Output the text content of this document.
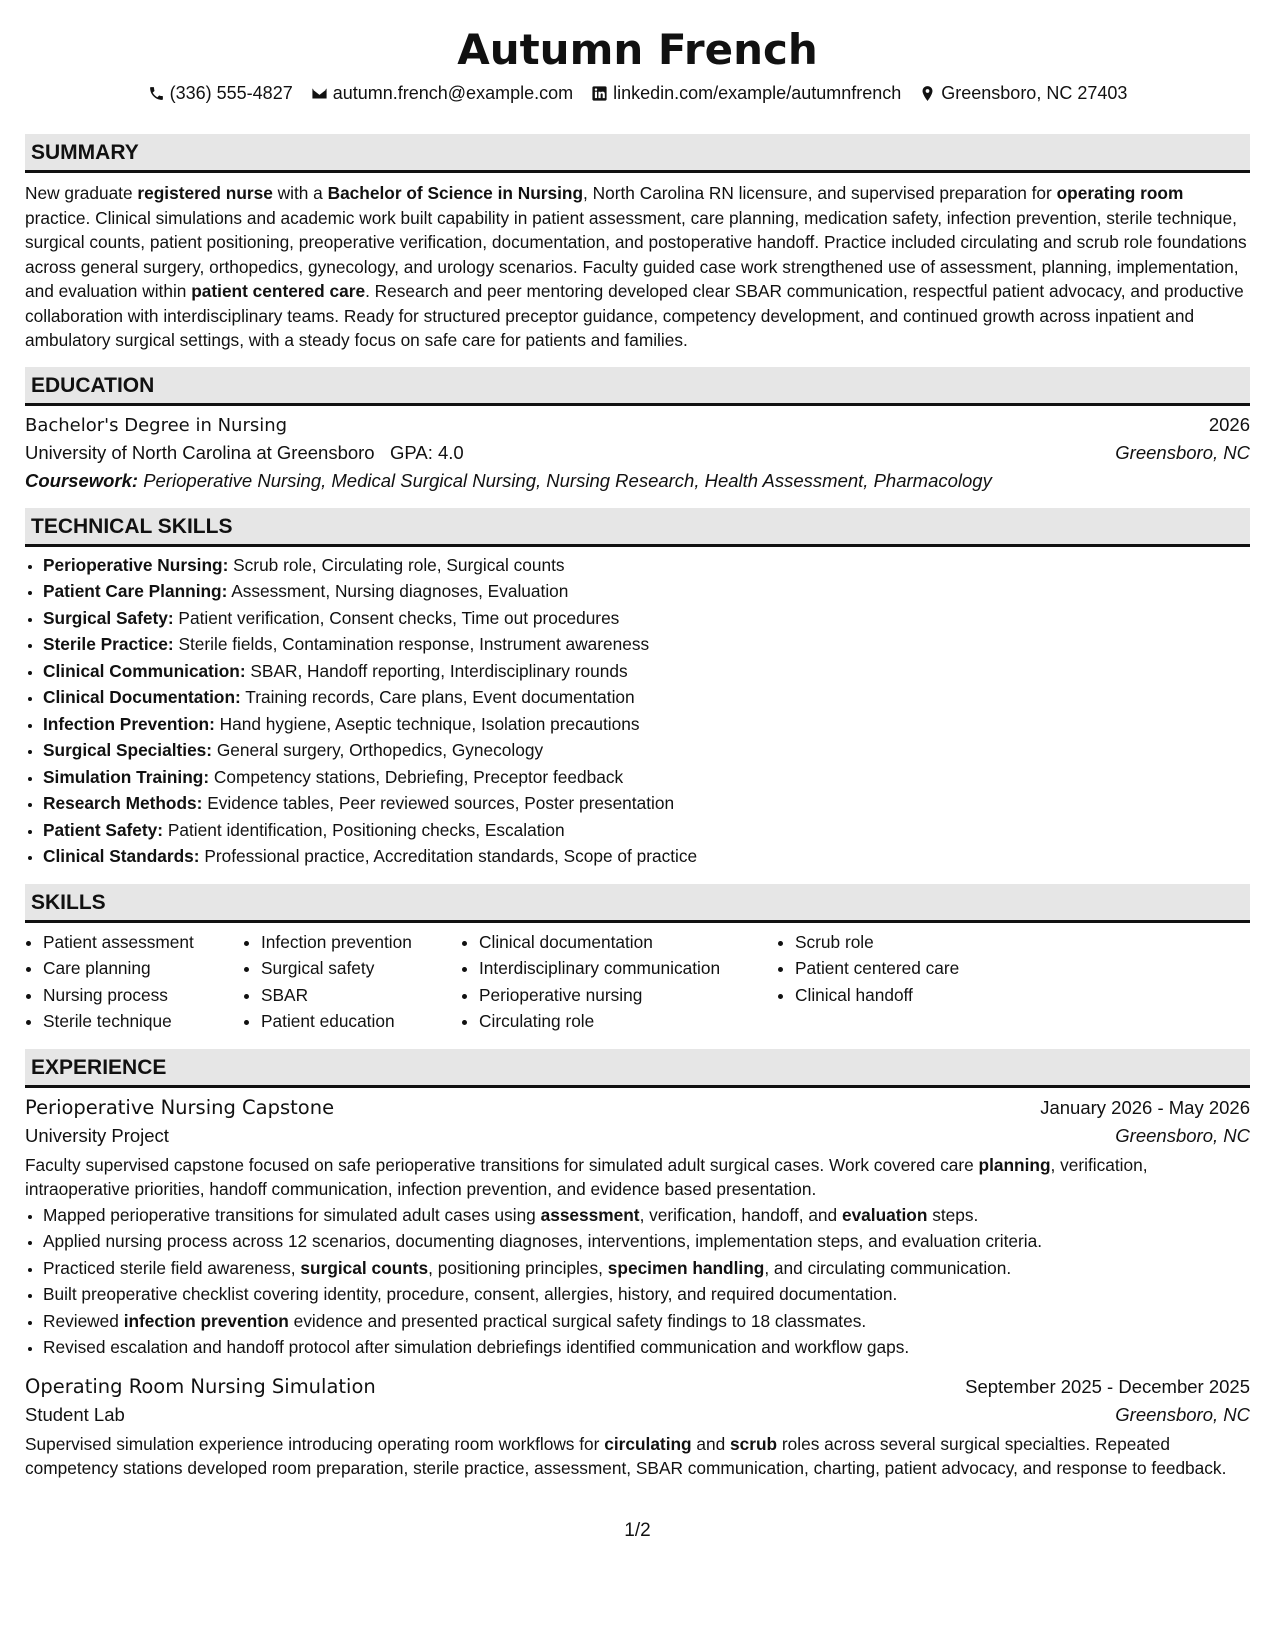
Autumn French
(336) 555-4827 autumn.french@example.com linkedin.com/example/autumnfrench Greensboro, NC 27403
SUMMARY

New graduate registered nurse with a Bachelor of Science in Nursing, North Carolina RN licensure, and supervised preparation for operating room practice. Clinical simulations and academic work built capability in patient assessment, care planning, medication safety, infection prevention, sterile technique, surgical counts, patient positioning, preoperative verification, documentation, and postoperative handoff. Practice included circulating and scrub role foundations across general surgery, orthopedics, gynecology, and urology scenarios. Faculty guided case work strengthened use of assessment, planning, implementation, and evaluation within patient centered care. Research and peer mentoring developed clear SBAR communication, respectful patient advocacy, and productive collaboration with interdisciplinary teams. Ready for structured preceptor guidance, competency development, and continued growth across inpatient and ambulatory surgical settings, with a steady focus on safe care for patients and families.

EDUCATION
Bachelor's Degree in Nursing	2026
University of North Carolina at Greensboro GPA: 4.0	Greensboro, NC
Coursework: Perioperative Nursing, Medical Surgical Nursing, Nursing Research, Health Assessment, Pharmacology
TECHNICAL SKILLS
• Perioperative Nursing: Scrub role, Circulating role, Surgical counts
• Patient Care Planning: Assessment, Nursing diagnoses, Evaluation
• Surgical Safety: Patient verification, Consent checks, Time out procedures
• Sterile Practice: Sterile fields, Contamination response, Instrument awareness
• Clinical Communication: SBAR, Handoff reporting, Interdisciplinary rounds
• Clinical Documentation: Training records, Care plans, Event documentation
• Infection Prevention: Hand hygiene, Aseptic technique, Isolation precautions
• Surgical Specialties: General surgery, Orthopedics, Gynecology
• Simulation Training: Competency stations, Debriefing, Preceptor feedback
• Research Methods: Evidence tables, Peer reviewed sources, Poster presentation
• Patient Safety: Patient identification, Positioning checks, Escalation
• Clinical Standards: Professional practice, Accreditation standards, Scope of practice
SKILLS
• Patient assessment
• Care planning
• Nursing process
• Sterile technique
• Infection prevention
• Surgical safety
• SBAR
• Patient education
• Clinical documentation
• Interdisciplinary communication
• Perioperative nursing
• Circulating role
• Scrub role
• Patient centered care
• Clinical handoff
EXPERIENCE
Perioperative Nursing Capstone	January 2026 - May 2026
University Project	Greensboro, NC

Faculty supervised capstone focused on safe perioperative transitions for simulated adult surgical cases. Work covered care planning, verification, intraoperative priorities, handoff communication, infection prevention, and evidence based presentation.

• Mapped perioperative transitions for simulated adult cases using assessment, verification, handoff, and evaluation steps.
• Applied nursing process across 12 scenarios, documenting diagnoses, interventions, implementation steps, and evaluation criteria.
• Practiced sterile field awareness, surgical counts, positioning principles, specimen handling, and circulating communication.
• Built preoperative checklist covering identity, procedure, consent, allergies, history, and required documentation.
• Reviewed infection prevention evidence and presented practical surgical safety findings to 18 classmates.
• Revised escalation and handoff protocol after simulation debriefings identified communication and workflow gaps.
Operating Room Nursing Simulation	September 2025 - December 2025
Student Lab	Greensboro, NC

Supervised simulation experience introducing operating room workflows for circulating and scrub roles across several surgical specialties. Repeated competency stations developed room preparation, sterile practice, assessment, SBAR communication, charting, patient advocacy, and response to feedback.

1/2
